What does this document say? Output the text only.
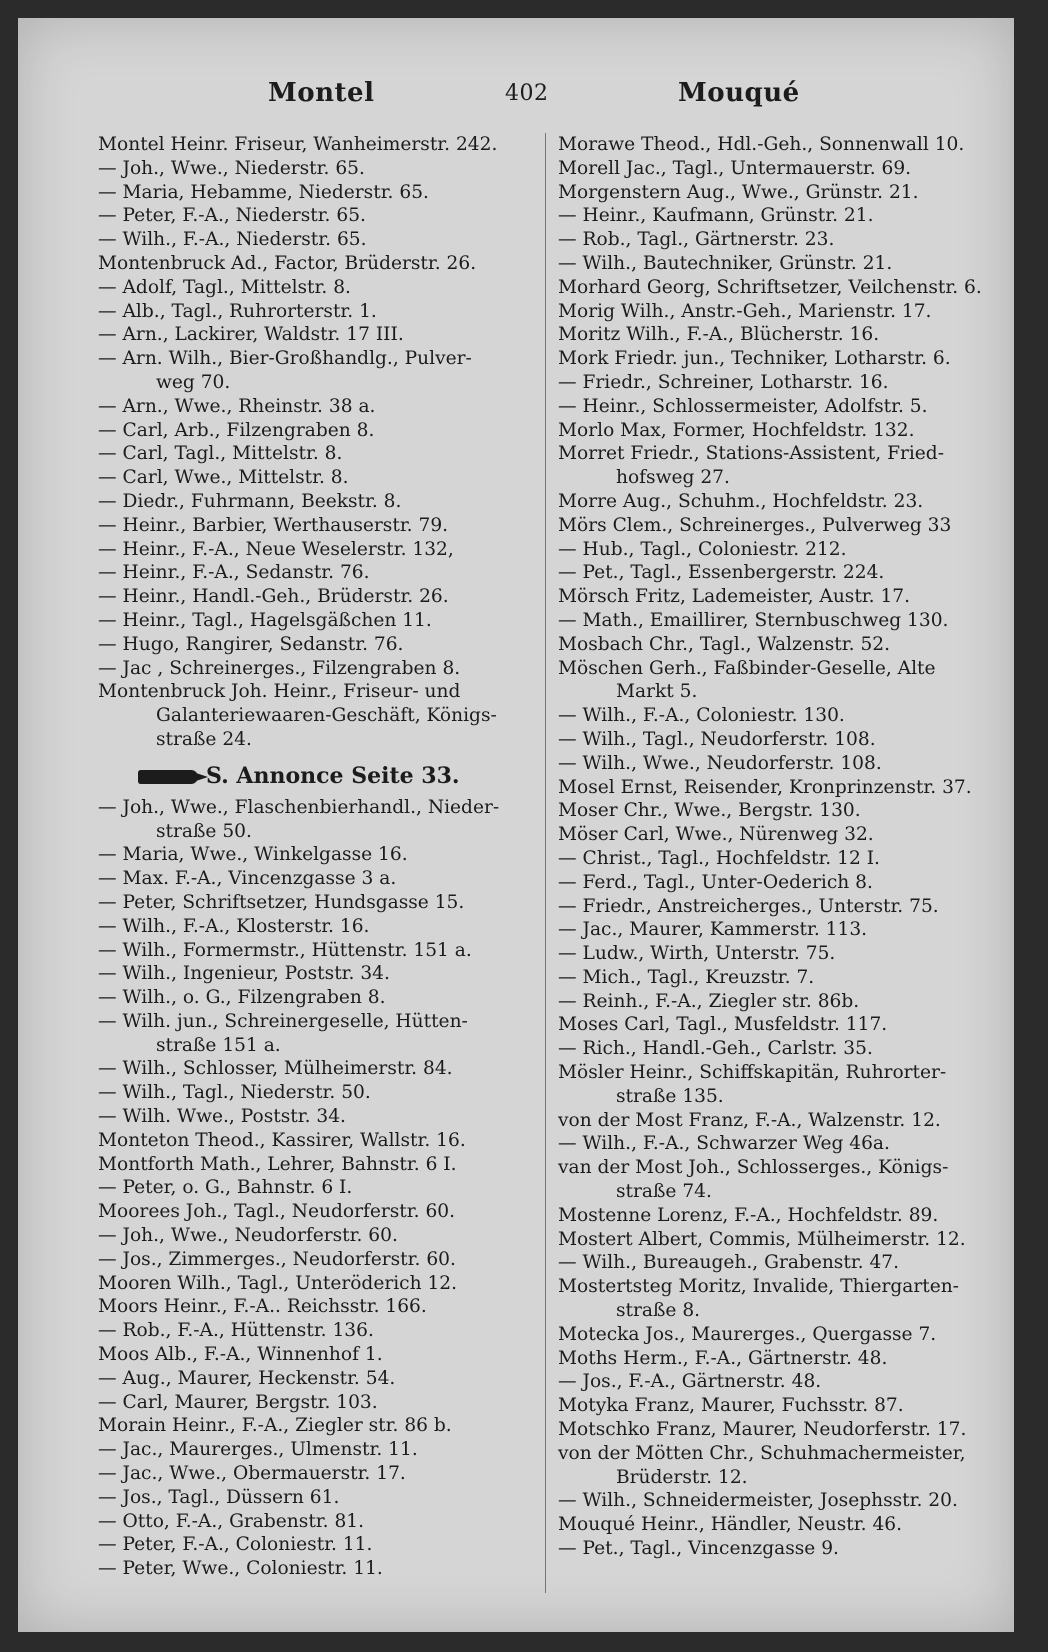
Montel	402	Mouqué

Montel Heinr. Friseur, Wanheimerstr. 242.

— Joh., Wwe., Niederstr. 65.

— Maria, Hebamme, Niederstr. 65.

— Peter, F.-A., Niederstr. 65.

— Wilh., F.-A., Niederstr. 65.

Montenbruck Ad., Factor, Brüderstr. 26.

— Adolf, Tagl., Mittelstr. 8.

— Alb., Tagl., Ruhrorterstr. 1.

— Arn., Lackirer, Waldstr. 17 III.

— Arn. Wilh., Bier-Großhandlg., Pulver-
weg 70.

— Arn., Wwe., Rheinstr. 38 a.

— Carl, Arb., Filzengraben 8.

— Carl, Tagl., Mittelstr. 8.

— Carl, Wwe., Mittelstr. 8.

— Diedr., Fuhrmann, Beekstr. 8.

— Heinr., Barbier, Werthauserstr. 79.

— Heinr., F.-A., Neue Weselerstr. 132,

— Heinr., F.-A., Sedanstr. 76.

— Heinr., Handl.-Geh., Brüderstr. 26.

— Heinr., Tagl., Hagelsgäßchen 11.

— Hugo, Rangirer, Sedanstr. 76.

— Jac , Schreinerges., Filzengraben 8.

Montenbruck Joh. Heinr., Friseur- und
Galanteriewaaren-Geschäft, Königs-
straße 24.

S. Annonce Seite 33.

— Joh., Wwe., Flaschenbierhandl., Nieder-
straße 50.

— Maria, Wwe., Winkelgasse 16.

— Max. F.-A., Vincenzgasse 3 a.

— Peter, Schriftsetzer, Hundsgasse 15.

— Wilh., F.-A., Klosterstr. 16.

— Wilh., Formermstr., Hüttenstr. 151 a.

— Wilh., Ingenieur, Poststr. 34.

— Wilh., o. G., Filzengraben 8.

— Wilh. jun., Schreinergeselle, Hütten-
straße 151 a.

— Wilh., Schlosser, Mülheimerstr. 84.

— Wilh., Tagl., Niederstr. 50.

— Wilh. Wwe., Poststr. 34.

Monteton Theod., Kassirer, Wallstr. 16.

Montforth Math., Lehrer, Bahnstr. 6 I.

— Peter, o. G., Bahnstr. 6 I.

Moorees Joh., Tagl., Neudorferstr. 60.

— Joh., Wwe., Neudorferstr. 60.

— Jos., Zimmerges., Neudorferstr. 60.

Mooren Wilh., Tagl., Unteröderich 12.

Moors Heinr., F.-A.. Reichsstr. 166.

— Rob., F.-A., Hüttenstr. 136.

Moos Alb., F.-A., Winnenhof 1.

— Aug., Maurer, Heckenstr. 54.

— Carl, Maurer, Bergstr. 103.

Morain Heinr., F.-A., Ziegler str. 86 b.

— Jac., Maurerges., Ulmenstr. 11.

— Jac., Wwe., Obermauerstr. 17.

— Jos., Tagl., Düssern 61.

— Otto, F.-A., Grabenstr. 81.

— Peter, F.-A., Coloniestr. 11.

— Peter, Wwe., Coloniestr. 11.

Morawe Theod., Hdl.-Geh., Sonnenwall 10.

Morell Jac., Tagl., Untermauerstr. 69.

Morgenstern Aug., Wwe., Grünstr. 21.

— Heinr., Kaufmann, Grünstr. 21.

— Rob., Tagl., Gärtnerstr. 23.

— Wilh., Bautechniker, Grünstr. 21.

Morhard Georg, Schriftsetzer, Veilchenstr. 6.

Morig Wilh., Anstr.-Geh., Marienstr. 17.

Moritz Wilh., F.-A., Blücherstr. 16.

Mork Friedr. jun., Techniker, Lotharstr. 6.

— Friedr., Schreiner, Lotharstr. 16.

— Heinr., Schlossermeister, Adolfstr. 5.

Morlo Max, Former, Hochfeldstr. 132.

Morret Friedr., Stations-Assistent, Fried-
hofsweg 27.

Morre Aug., Schuhm., Hochfeldstr. 23.

Mörs Clem., Schreinerges., Pulverweg 33

— Hub., Tagl., Coloniestr. 212.

— Pet., Tagl., Essenbergerstr. 224.

Mörsch Fritz, Lademeister, Austr. 17.

— Math., Emaillirer, Sternbuschweg 130.

Mosbach Chr., Tagl., Walzenstr. 52.

Möschen Gerh., Faßbinder-Geselle, Alte
Markt 5.

— Wilh., F.-A., Coloniestr. 130.

— Wilh., Tagl., Neudorferstr. 108.

— Wilh., Wwe., Neudorferstr. 108.

Mosel Ernst, Reisender, Kronprinzenstr. 37.

Moser Chr., Wwe., Bergstr. 130.

Möser Carl, Wwe., Nürenweg 32.

— Christ., Tagl., Hochfeldstr. 12 I.

— Ferd., Tagl., Unter-Oederich 8.

— Friedr., Anstreicherges., Unterstr. 75.

— Jac., Maurer, Kammerstr. 113.

— Ludw., Wirth, Unterstr. 75.

— Mich., Tagl., Kreuzstr. 7.

— Reinh., F.-A., Ziegler str. 86b.

Moses Carl, Tagl., Musfeldstr. 117.

— Rich., Handl.-Geh., Carlstr. 35.

Mösler Heinr., Schiffskapitän, Ruhrorter-
straße 135.

von der Most Franz, F.-A., Walzenstr. 12.

— Wilh., F.-A., Schwarzer Weg 46a.

van der Most Joh., Schlosserges., Königs-
straße 74.

Mostenne Lorenz, F.-A., Hochfeldstr. 89.

Mostert Albert, Commis, Mülheimerstr. 12.

— Wilh., Bureaugeh., Grabenstr. 47.

Mostertsteg Moritz, Invalide, Thiergarten-
straße 8.

Motecka Jos., Maurerges., Quergasse 7.

Moths Herm., F.-A., Gärtnerstr. 48.

— Jos., F.-A., Gärtnerstr. 48.

Motyka Franz, Maurer, Fuchsstr. 87.

Motschko Franz, Maurer, Neudorferstr. 17.

von der Mötten Chr., Schuhmachermeister,
Brüderstr. 12.

— Wilh., Schneidermeister, Josephsstr. 20.

Mouqué Heinr., Händler, Neustr. 46.

— Pet., Tagl., Vincenzgasse 9.
